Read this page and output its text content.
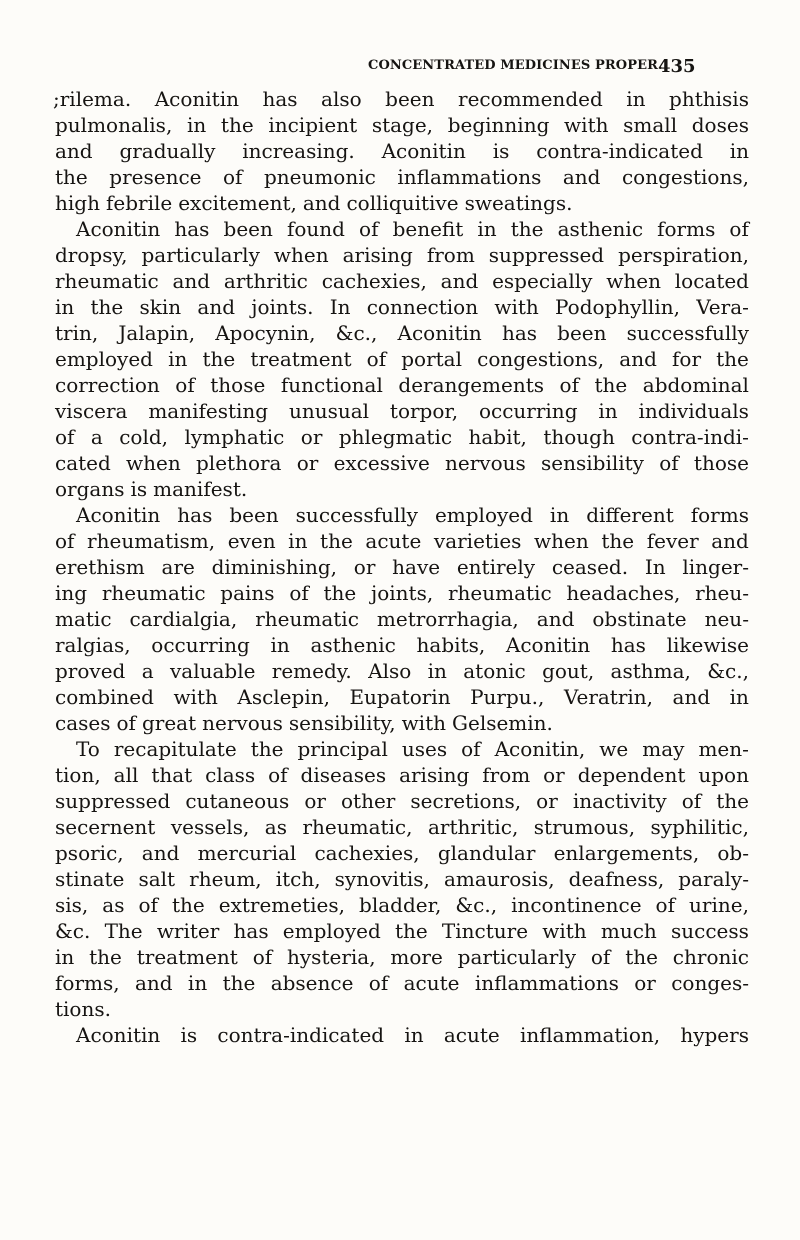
CONCENTRATED MEDICINES PROPER.
435

;rilema. Aconitin has also been recommended in phthisis

pulmonalis, in the incipient stage, beginning with small doses

and gradually increasing. Aconitin is contra-indicated in

the presence of pneumonic inflammations and congestions,

high febrile excitement, and colliquitive sweatings.

Aconitin has been found of benefit in the asthenic forms of

dropsy, particularly when arising from suppressed perspiration,

rheumatic and arthritic cachexies, and especially when located

in the skin and joints. In connection with Podophyllin, Vera-

trin, Jalapin, Apocynin, &c., Aconitin has been successfully

employed in the treatment of portal congestions, and for the

correction of those functional derangements of the abdominal

viscera manifesting unusual torpor, occurring in individuals

of a cold, lymphatic or phlegmatic habit, though contra-indi-

cated when plethora or excessive nervous sensibility of those

organs is manifest.

Aconitin has been successfully employed in different forms

of rheumatism, even in the acute varieties when the fever and

erethism are diminishing, or have entirely ceased. In linger-

ing rheumatic pains of the joints, rheumatic headaches, rheu-

matic cardialgia, rheumatic metrorrhagia, and obstinate neu-

ralgias, occurring in asthenic habits, Aconitin has likewise

proved a valuable remedy. Also in atonic gout, asthma, &c.,

combined with Asclepin, Eupatorin Purpu., Veratrin, and in

cases of great nervous sensibility, with Gelsemin.

To recapitulate the principal uses of Aconitin, we may men-

tion, all that class of diseases arising from or dependent upon

suppressed cutaneous or other secretions, or inactivity of the

secernent vessels, as rheumatic, arthritic, strumous, syphilitic,

psoric, and mercurial cachexies, glandular enlargements, ob-

stinate salt rheum, itch, synovitis, amaurosis, deafness, paraly-

sis, as of the extremeties, bladder, &c., incontinence of urine,

&c. The writer has employed the Tincture with much success

in the treatment of hysteria, more particularly of the chronic

forms, and in the absence of acute inflammations or conges-

tions.

Aconitin is contra-indicated in acute inflammation, hypers
